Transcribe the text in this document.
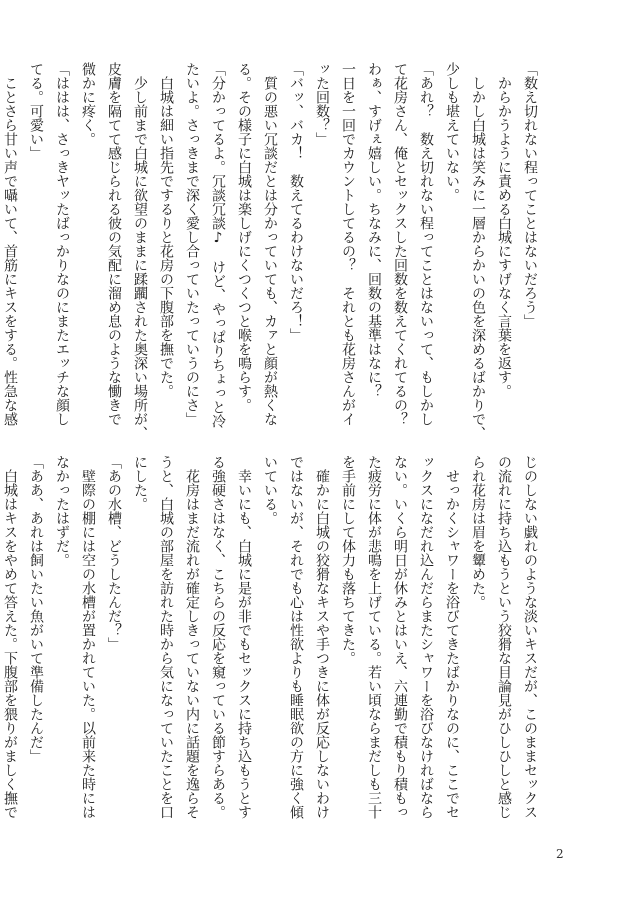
「数え切れない程ってことはないだろう」
　からかうように責める白城にすげなく言葉を返す。
　しかし白城は笑みに一層からかいの色を深めるばかりで、
少しも堪えていない。
「あれ？　数え切れない程ってことはないって、もしかし
て花房さん、俺とセックスした回数を数えてくれてるの？
わぁ、すげぇ嬉しい。ちなみに、回数の基準はなに？
一日を一回でカウントしてるの？　それとも花房さんがイ
ッた回数？」
「バッ、バカ！　数えてるわけないだろ！」
　質の悪い冗談だとは分かっていても、カァと顔が熱くな
る。その様子に白城は楽しげにくつくつと喉を鳴らす。
「分かってるよ。冗談冗談♪　けど、やっぱりちょっと冷
たいよ。さっきまで深く愛し合っていたっていうのにさ」
　白城は細い指先でするりと花房の下腹部を撫でた。
　少し前まで白城に欲望のままに蹂躙された奥深い場所が、
皮膚を隔てて感じられる彼の気配に溜め息のような慟きで
微かに疼く。
「ははは、さっきヤッたばっかりなのにまたエッチな顔し
てる。可愛い」
　ことさら甘い声で囁いて、首筋にキスをする。性急な感
じのしない戯れのような淡いキスだが、このままセックス
の流れに持ち込もうという狡猾な目論見がひしひしと感じ
られ花房は眉を顰めた。
　せっかくシャワーを浴びてきたばかりなのに、ここでセ
ックスになだれ込んだらまたシャワーを浴びなければなら
ない。いくら明日が休みとはいえ、六連勤で積もり積もっ
た疲労に体が悲鳴を上げている。若い頃ならまだしも三十
を手前にして体力も落ちてきた。
　確かに白城の狡猾なキスや手つきに体が反応しないわけ
ではないが、それでも心は性欲よりも睡眠欲の方に強く傾
いている。
　幸いにも、白城に是が非でもセックスに持ち込もうとす
る強硬さはなく、こちらの反応を窺っている節すらある。
　花房はまだ流れが確定しきっていない内に話題を逸らそ
うと、白城の部屋を訪れた時から気になっていたことを口
にした。
「あの水槽、どうしたんだ？」
　壁際の棚には空の水槽が置かれていた。以前来た時には
なかったはずだ。
「ああ、あれは飼いたい魚がいて準備したんだ」
　白城はキスをやめて答えた。下腹部を猥りがましく撫で
2
